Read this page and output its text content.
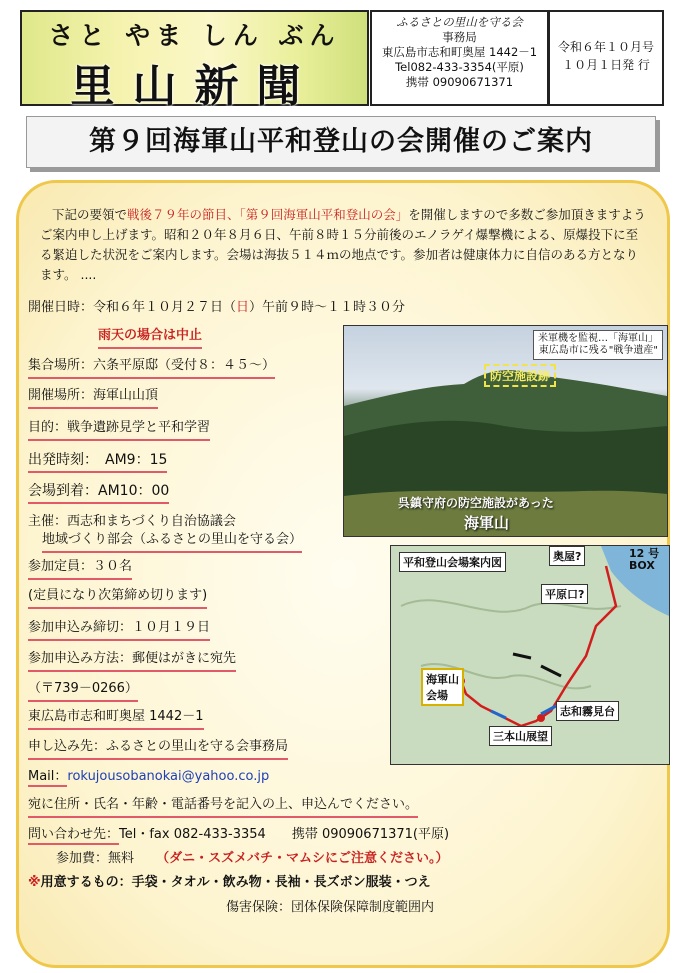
さと やま しん ぶん
里山新聞
ふるさとの里山を守る会
事務局
東広島市志和町奥屋 1442－1
Tel082-433-3354(平原)
携帯 09090671371
令和６年１０月号
１０月１日発 行
第９回海軍山平和登山の会開催のご案内
下記の要領で戦後７９年の節目、「第９回海軍山平和登山の会」を開催しますので多数ご参加頂きますようご案内申し上げます。昭和２０年８月６日、午前８時１５分前後のエノラゲイ爆撃機による、原爆投下に至る緊迫した状況をご案内します。会場は海抜５１４ｍの地点です。参加者は健康体力に自信のある方となります。 ....
開催日時：令和６年１０月２７日（日）午前９時～１１時３０分
雨天の場合は中止
集合場所：六条平原邸（受付８：４５～）
開催場所：海軍山山頂
目的：戦争遺跡見学と平和学習
出発時刻：　AM9：15
会場到着：AM10：00
主催：西志和まちづくり自治協議会
地域づくり部会（ふるさとの里山を守る会）
参加定員：３０名
(定員になり次第締め切ります)
参加申込み締切：１０月１９日
参加申込み方法：郵便はがきに宛先
（〒739－0266）
東広島市志和町奥屋 1442－1
申し込み先：ふるさとの里山を守る会事務局
Mail：rokujousobanokai@yahoo.co.jp
宛に住所・氏名・年齢・電話番号を記入の上、申込んでください。
問い合わせ先：Tel・fax 082-433-3354　　携帯 09090671371(平原)
参加費：無料 （ダニ・スズメバチ・マムシにご注意ください。）
※用意するもの：手袋・タオル・飲み物・長袖・長ズボン服装・つえ
傷害保険：団体保険保障制度範囲内
米軍機を監視…「海軍山」
東広島市に残る"戦争遺産"
防空施設跡
呉鎮守府の防空施設があった
海軍山
平和登山会場案内図	奥屋?	12 号
BOX
平原口?
海軍山
会場
志和霧見台
三本山展望
